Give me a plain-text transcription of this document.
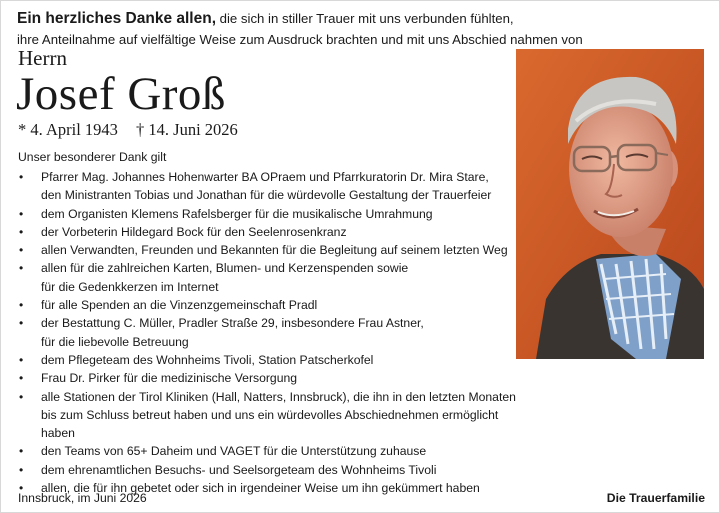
Ein herzliches Danke allen, die sich in stiller Trauer mit uns verbunden fühlten,
ihre Anteilnahme auf vielfältige Weise zum Ausdruck brachten und mit uns Abschied nahmen von
Herrn
Josef Groß
* 4. April 1943 † 14. Juni 2026
Unser besonderer Dank gilt
• Pfarrer Mag. Johannes Hohenwarter BA OPraem und Pfarrkuratorin Dr. Mira Stare,
den Ministranten Tobias und Jonathan für die würdevolle Gestaltung der Trauerfeier
• dem Organisten Klemens Rafelsberger für die musikalische Umrahmung
• der Vorbeterin Hildegard Bock für den Seelenrosenkranz
• allen Verwandten, Freunden und Bekannten für die Begleitung auf seinem letzten Weg
• allen für die zahlreichen Karten, Blumen- und Kerzenspenden sowie
für die Gedenkkerzen im Internet
• für alle Spenden an die Vinzenzgemeinschaft Pradl
• der Bestattung C. Müller, Pradler Straße 29, insbesondere Frau Astner,
für die liebevolle Betreuung
• dem Pflegeteam des Wohnheims Tivoli, Station Patscherkofel
• Frau Dr. Pirker für die medizinische Versorgung
• alle Stationen der Tirol Kliniken (Hall, Natters, Innsbruck), die ihn in den letzten Monaten
bis zum Schluss betreut haben und uns ein würdevolles Abschiednehmen ermöglicht haben
• den Teams von 65+ Daheim und VAGET für die Unterstützung zuhause
• dem ehrenamtlichen Besuchs- und Seelsorgeteam des Wohnheims Tivoli
• allen, die für ihn gebetet oder sich in irgendeiner Weise um ihn gekümmert haben
Innsbruck, im Juni 2026	Die Trauerfamilie
